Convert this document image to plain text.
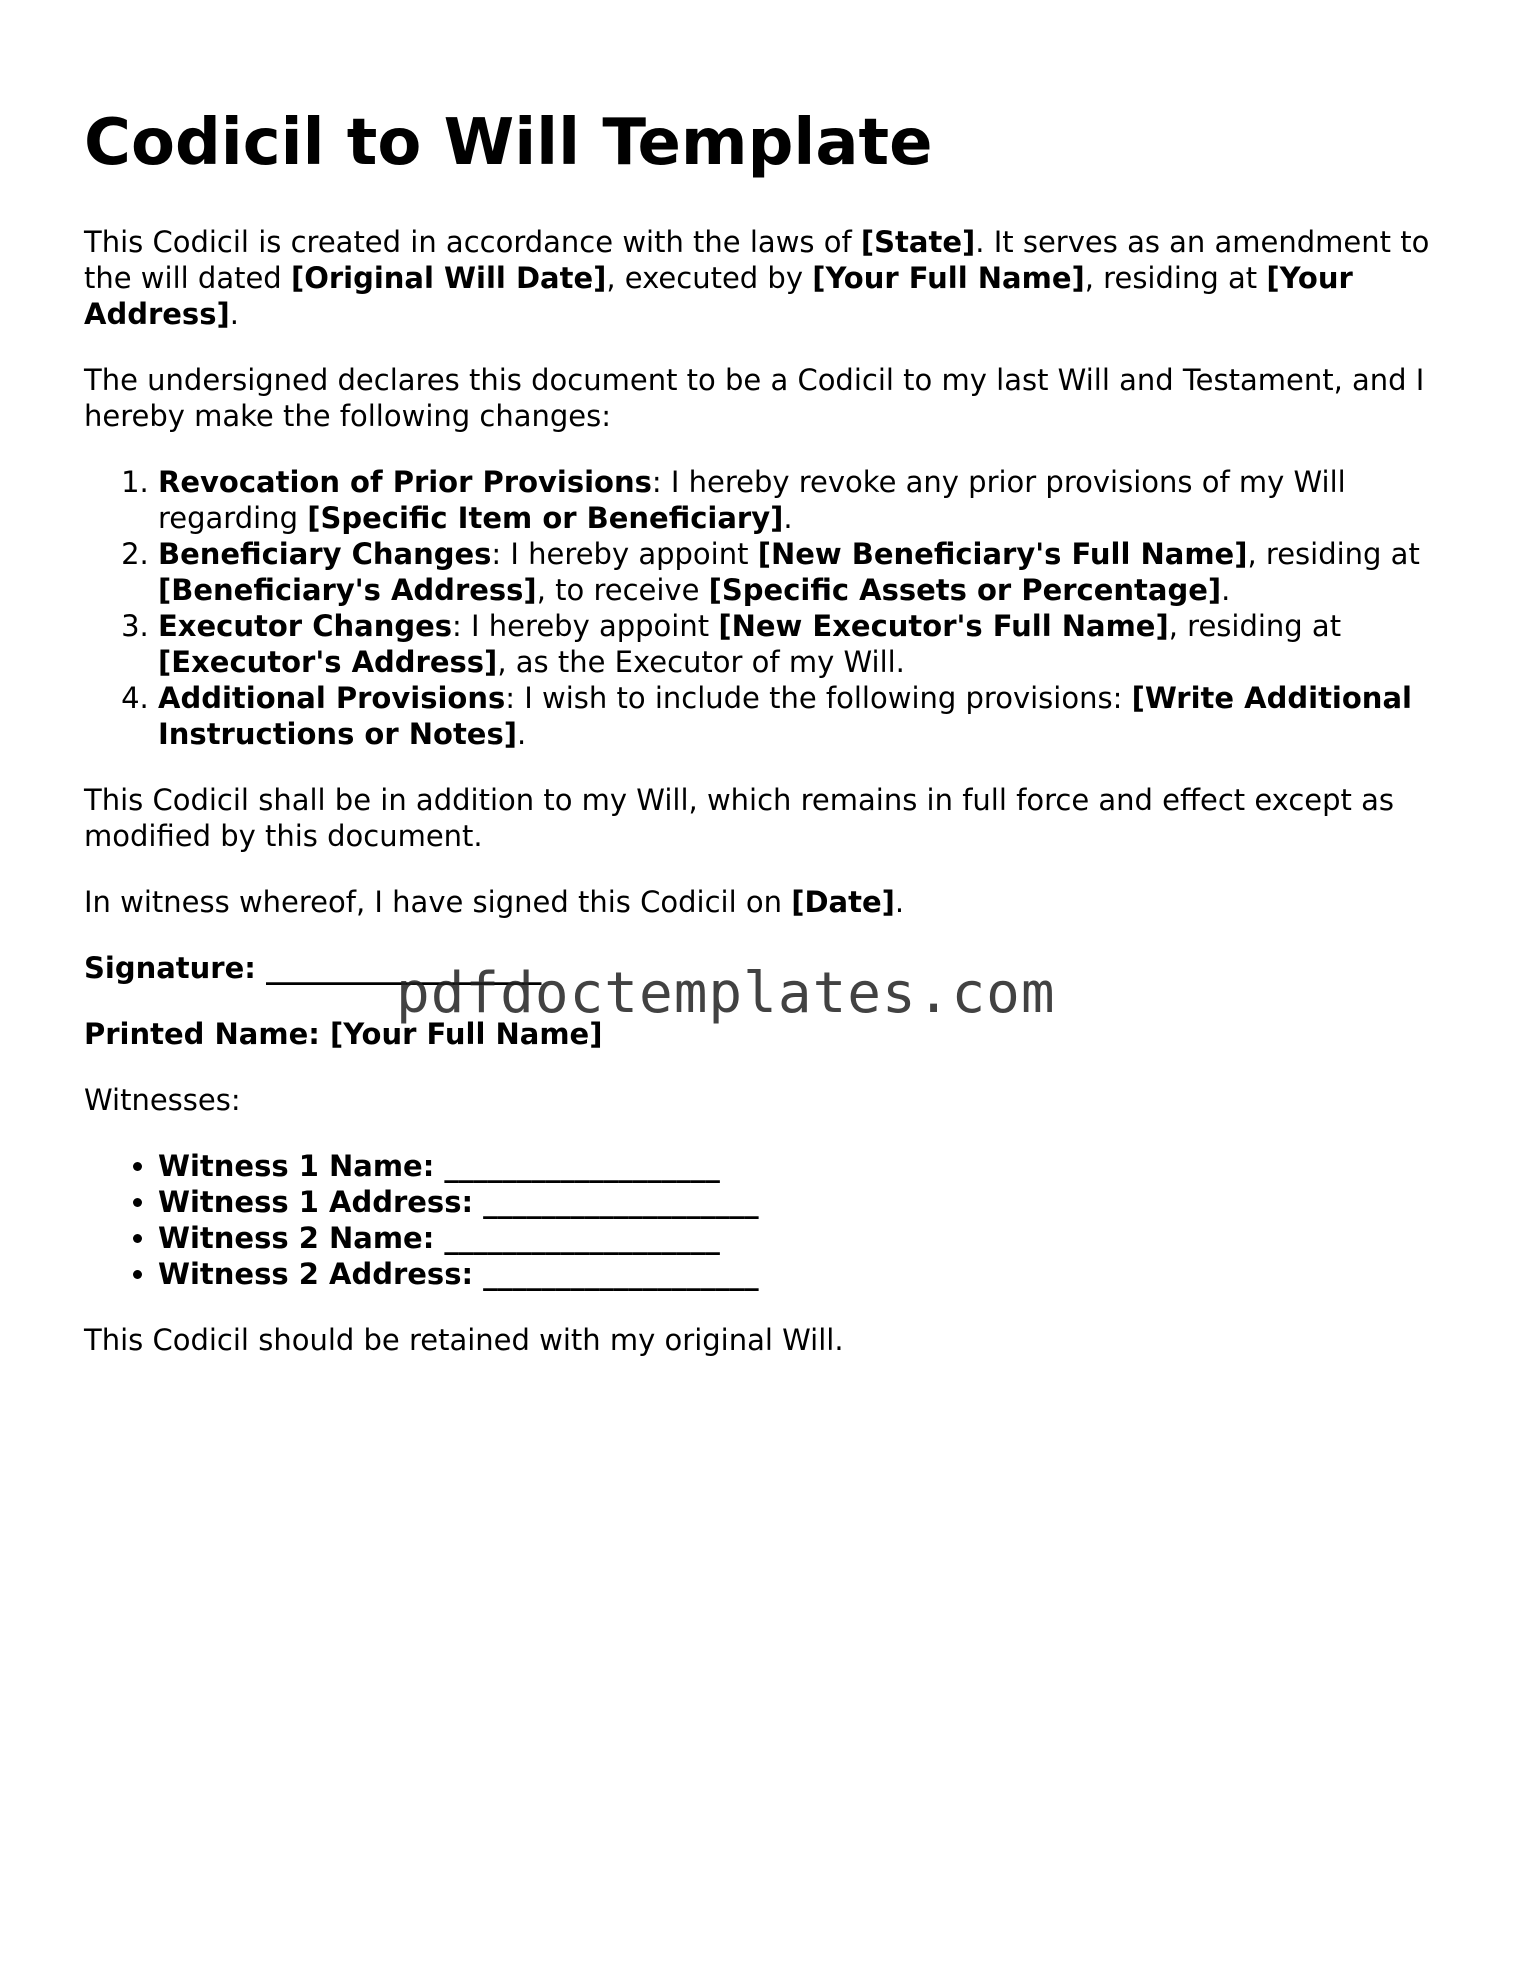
Codicil to Will Template

This Codicil is created in accordance with the laws of [State]. It serves as an amendment to the will dated [Original Will Date], executed by [Your Full Name], residing at [Your Address].

The undersigned declares this document to be a Codicil to my last Will and Testament, and I hereby make the following changes:

1. Revocation of Prior Provisions: I hereby revoke any prior provisions of my Will regarding [Specific Item or Beneficiary].
2. Beneficiary Changes: I hereby appoint [New Beneficiary's Full Name], residing at [Beneficiary's Address], to receive [Specific Assets or Percentage].
3. Executor Changes: I hereby appoint [New Executor's Full Name], residing at [Executor's Address], as the Executor of my Will.
4. Additional Provisions: I wish to include the following provisions: [Write Additional Instructions or Notes].

This Codicil shall be in addition to my Will, which remains in full force and effect except as modified by this document.

In witness whereof, I have signed this Codicil on [Date].

Signature: ___________________

Printed Name: [Your Full Name]

Witnesses:

• Witness 1 Name: ___________________
• Witness 1 Address: ___________________
• Witness 2 Name: ___________________
• Witness 2 Address: ___________________

This Codicil should be retained with my original Will.

pdfdoctemplates.com
